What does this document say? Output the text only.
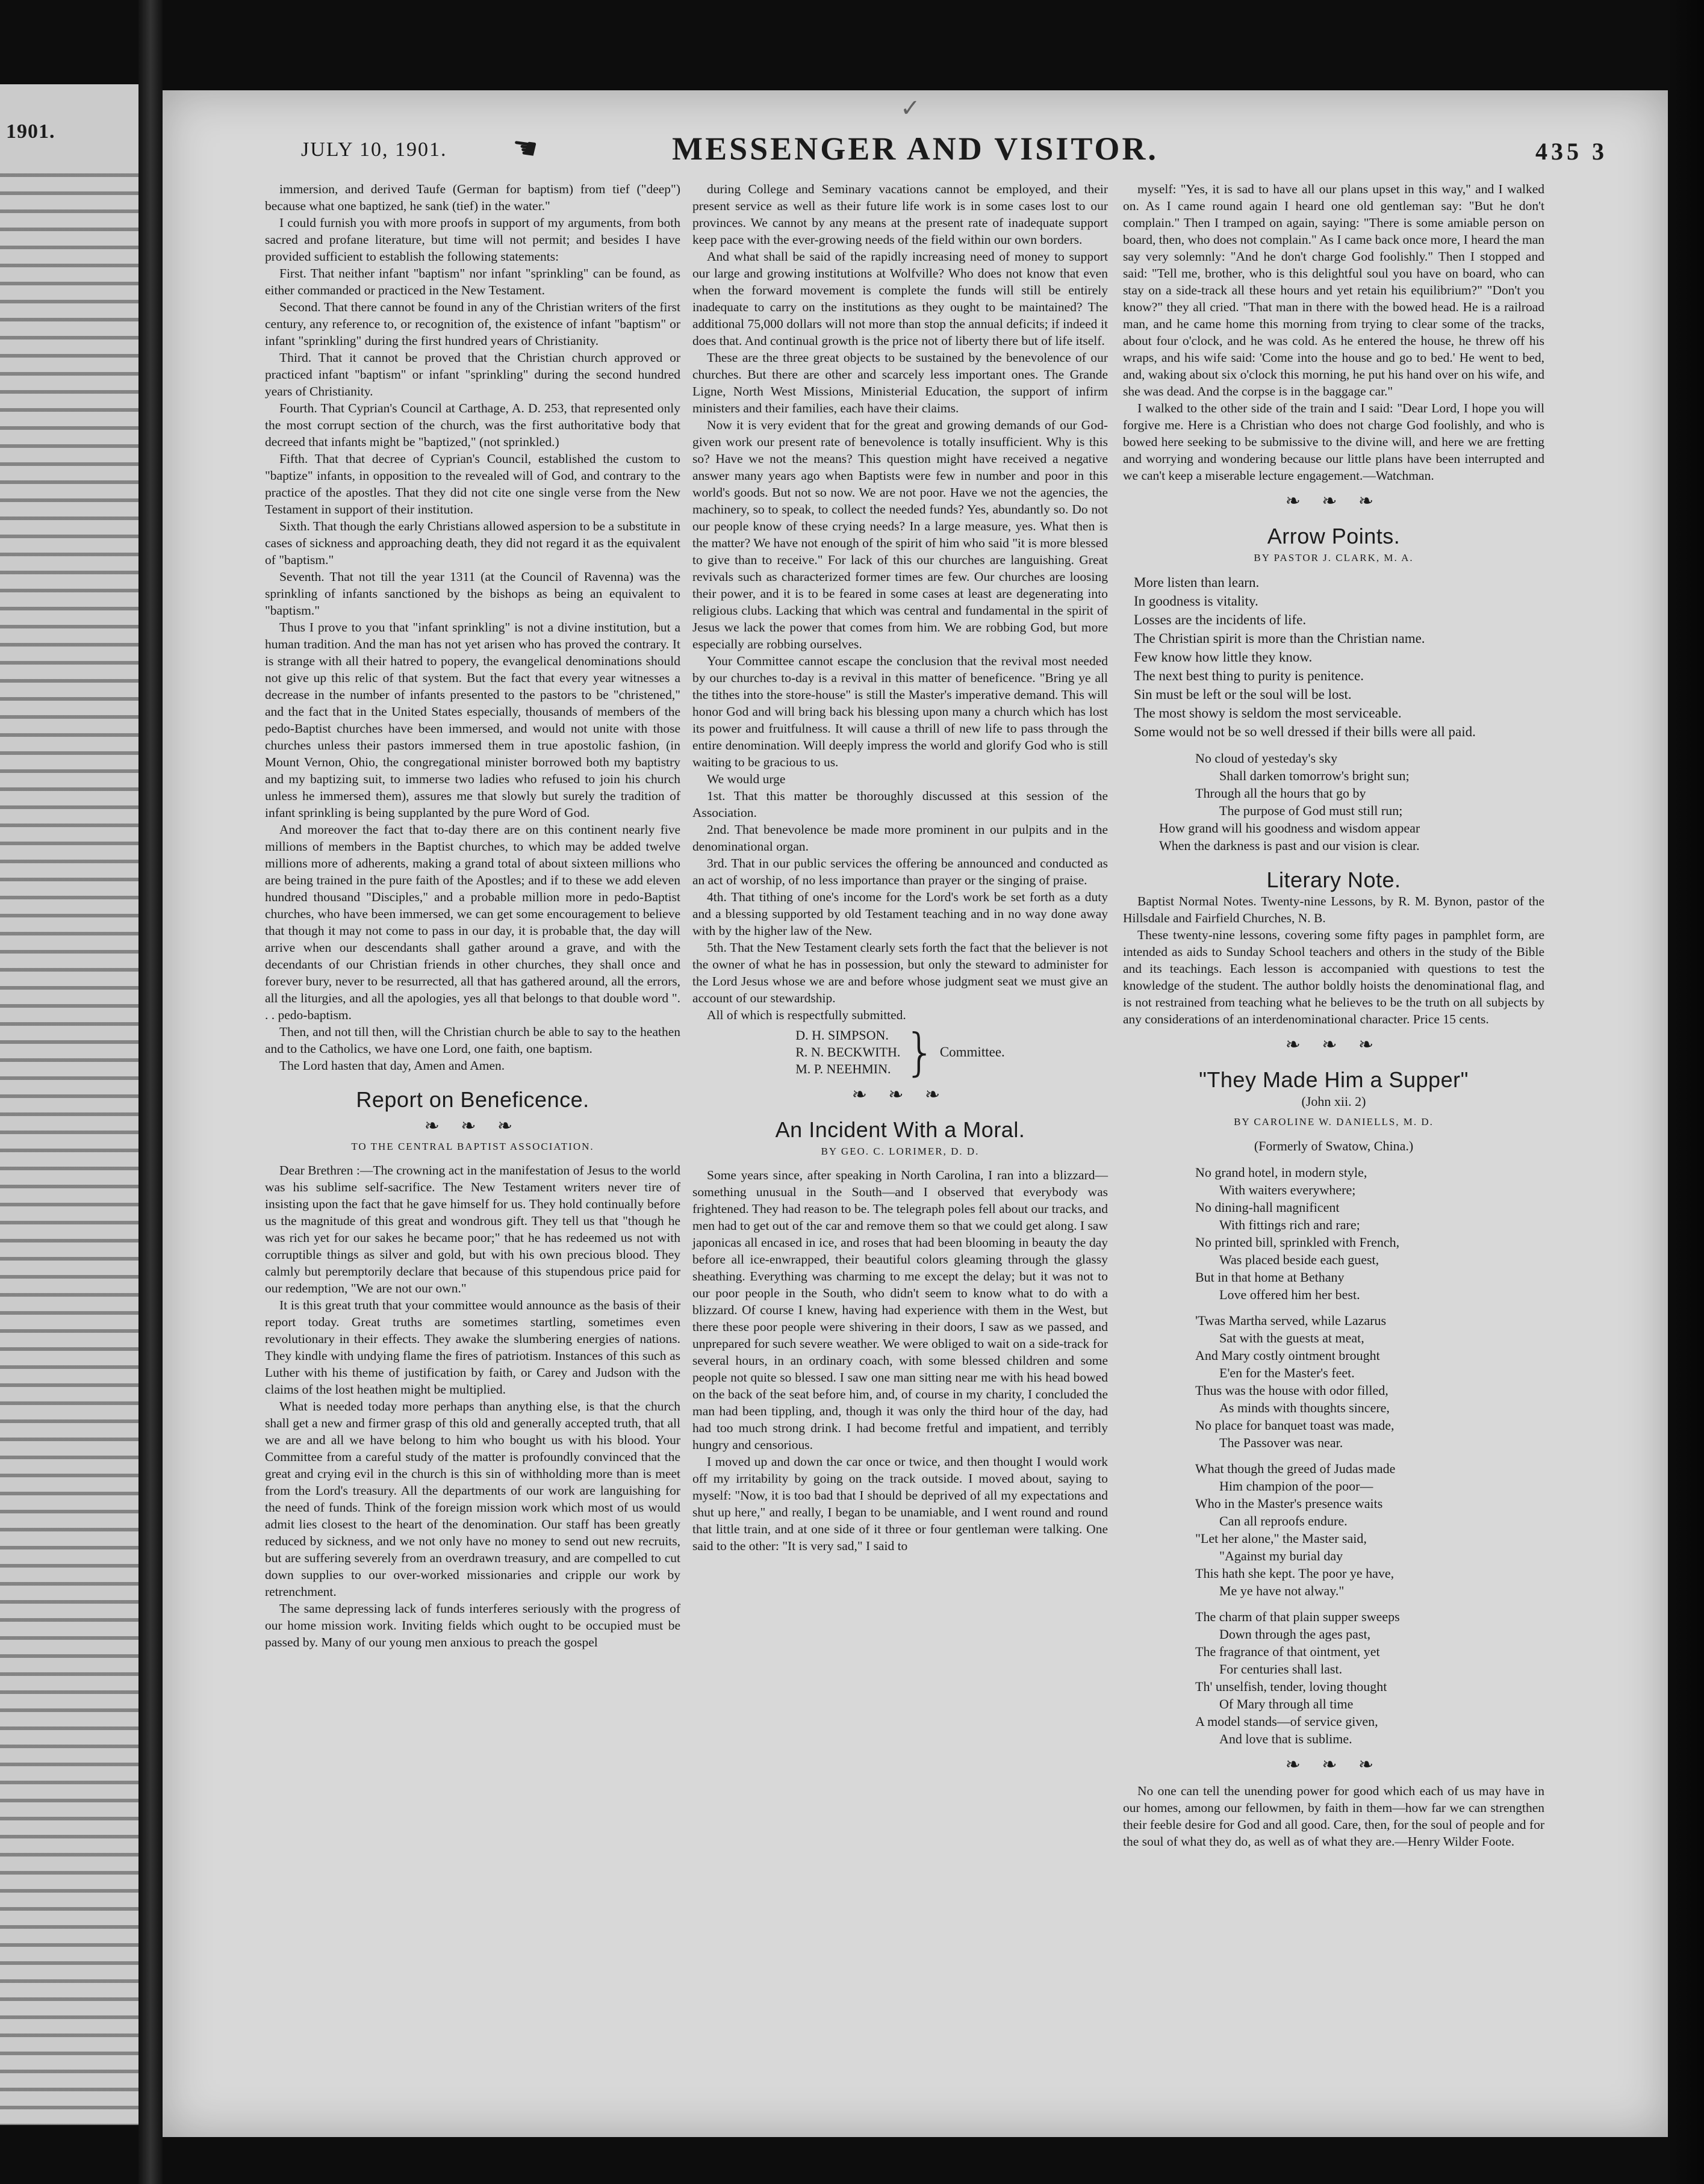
1901.
✓
JULY 10, 1901. ☚	MESSENGER AND VISITOR.	435 3

immersion, and derived Taufe (German for baptism) from tief ("deep") because what one baptized, he sank (tief) in the water."

I could furnish you with more proofs in support of my arguments, from both sacred and profane literature, but time will not permit; and besides I have provided sufficient to establish the following statements:

First. That neither infant "baptism" nor infant "sprinkling" can be found, as either commanded or practiced in the New Testament.

Second. That there cannot be found in any of the Christian writers of the first century, any reference to, or recognition of, the existence of infant "baptism" or infant "sprinkling" during the first hundred years of Christianity.

Third. That it cannot be proved that the Christian church approved or practiced infant "baptism" or infant "sprinkling" during the second hundred years of Christianity.

Fourth. That Cyprian's Council at Carthage, A. D. 253, that represented only the most corrupt section of the church, was the first authoritative body that decreed that infants might be "baptized," (not sprinkled.)

Fifth. That that decree of Cyprian's Council, established the custom to "baptize" infants, in opposition to the revealed will of God, and contrary to the practice of the apostles. That they did not cite one single verse from the New Testament in support of their institution.

Sixth. That though the early Christians allowed aspersion to be a substitute in cases of sickness and approaching death, they did not regard it as the equivalent of "baptism."

Seventh. That not till the year 1311 (at the Council of Ravenna) was the sprinkling of infants sanctioned by the bishops as being an equivalent to "baptism."

Thus I prove to you that "infant sprinkling" is not a divine institution, but a human tradition. And the man has not yet arisen who has proved the contrary. It is strange with all their hatred to popery, the evangelical denominations should not give up this relic of that system. But the fact that every year witnesses a decrease in the number of infants presented to the pastors to be "christened," and the fact that in the United States especially, thousands of members of the pedo-Baptist churches have been immersed, and would not unite with those churches unless their pastors immersed them in true apostolic fashion, (in Mount Vernon, Ohio, the congregational minister borrowed both my baptistry and my baptizing suit, to immerse two ladies who refused to join his church unless he immersed them), assures me that slowly but surely the tradition of infant sprinkling is being supplanted by the pure Word of God.

And moreover the fact that to-day there are on this continent nearly five millions of members in the Baptist churches, to which may be added twelve millions more of adherents, making a grand total of about sixteen millions who are being trained in the pure faith of the Apostles; and if to these we add eleven hundred thousand "Disciples," and a probable million more in pedo-Baptist churches, who have been immersed, we can get some encouragement to believe that though it may not come to pass in our day, it is probable that, the day will arrive when our descendants shall gather around a grave, and with the decendants of our Christian friends in other churches, they shall once and forever bury, never to be resurrected, all that has gathered around, all the errors, all the liturgies, and all the apologies, yes all that belongs to that double word ". . . pedo-baptism.

Then, and not till then, will the Christian church be able to say to the heathen and to the Catholics, we have one Lord, one faith, one baptism.

The Lord hasten that day, Amen and Amen.

Report on Beneficence.
❧ ❧ ❧
TO THE CENTRAL BAPTIST ASSOCIATION.

Dear Brethren :—The crowning act in the manifestation of Jesus to the world was his sublime self-sacrifice. The New Testament writers never tire of insisting upon the fact that he gave himself for us. They hold continually before us the magnitude of this great and wondrous gift. They tell us that "though he was rich yet for our sakes he became poor;" that he has redeemed us not with corruptible things as silver and gold, but with his own precious blood. They calmly but peremptorily declare that because of this stupendous price paid for our redemption, "We are not our own."

It is this great truth that your committee would announce as the basis of their report today. Great truths are sometimes startling, sometimes even revolutionary in their effects. They awake the slumbering energies of nations. They kindle with undying flame the fires of patriotism. Instances of this such as Luther with his theme of justification by faith, or Carey and Judson with the claims of the lost heathen might be multiplied.

What is needed today more perhaps than anything else, is that the church shall get a new and firmer grasp of this old and generally accepted truth, that all we are and all we have belong to him who bought us with his blood. Your Committee from a careful study of the matter is profoundly convinced that the great and crying evil in the church is this sin of withholding more than is meet from the Lord's treasury. All the departments of our work are languishing for the need of funds. Think of the foreign mission work which most of us would admit lies closest to the heart of the denomination. Our staff has been greatly reduced by sickness, and we not only have no money to send out new recruits, but are suffering severely from an overdrawn treasury, and are compelled to cut down supplies to our over-worked missionaries and cripple our work by retrenchment.

The same depressing lack of funds interferes seriously with the progress of our home mission work. Inviting fields which ought to be occupied must be passed by. Many of our young men anxious to preach the gospel

during College and Seminary vacations cannot be employed, and their present service as well as their future life work is in some cases lost to our provinces. We cannot by any means at the present rate of inadequate support keep pace with the ever-growing needs of the field within our own borders.

And what shall be said of the rapidly increasing need of money to support our large and growing institutions at Wolfville? Who does not know that even when the forward movement is complete the funds will still be entirely inadequate to carry on the institutions as they ought to be maintained? The additional 75,000 dollars will not more than stop the annual deficits; if indeed it does that. And continual growth is the price not of liberty there but of life itself.

These are the three great objects to be sustained by the benevolence of our churches. But there are other and scarcely less important ones. The Grande Ligne, North West Missions, Ministerial Education, the support of infirm ministers and their families, each have their claims.

Now it is very evident that for the great and growing demands of our God-given work our present rate of benevolence is totally insufficient. Why is this so? Have we not the means? This question might have received a negative answer many years ago when Baptists were few in number and poor in this world's goods. But not so now. We are not poor. Have we not the agencies, the machinery, so to speak, to collect the needed funds? Yes, abundantly so. Do not our people know of these crying needs? In a large measure, yes. What then is the matter? We have not enough of the spirit of him who said "it is more blessed to give than to receive." For lack of this our churches are languishing. Great revivals such as characterized former times are few. Our churches are loosing their power, and it is to be feared in some cases at least are degenerating into religious clubs. Lacking that which was central and fundamental in the spirit of Jesus we lack the power that comes from him. We are robbing God, but more especially are robbing ourselves.

Your Committee cannot escape the conclusion that the revival most needed by our churches to-day is a revival in this matter of beneficence. "Bring ye all the tithes into the store-house" is still the Master's imperative demand. This will honor God and will bring back his blessing upon many a church which has lost its power and fruitfulness. It will cause a thrill of new life to pass through the entire denomination. Will deeply impress the world and glorify God who is still waiting to be gracious to us.

We would urge

1st. That this matter be thoroughly discussed at this session of the Association.

2nd. That benevolence be made more prominent in our pulpits and in the denominational organ.

3rd. That in our public services the offering be announced and conducted as an act of worship, of no less importance than prayer or the singing of praise.

4th. That tithing of one's income for the Lord's work be set forth as a duty and a blessing supported by old Testament teaching and in no way done away with by the higher law of the New.

5th. That the New Testament clearly sets forth the fact that the believer is not the owner of what he has in possession, but only the steward to administer for the Lord Jesus whose we are and before whose judgment seat we must give an account of our stewardship.

All of which is respectfully submitted.

D. H. SIMPSON.
R. N. BECKWITH.
M. P. NEEHMIN. } Committee.
❧ ❧ ❧
An Incident With a Moral.
BY GEO. C. LORIMER, D. D.

Some years since, after speaking in North Carolina, I ran into a blizzard—something unusual in the South—and I observed that everybody was frightened. They had reason to be. The telegraph poles fell about our tracks, and men had to get out of the car and remove them so that we could get along. I saw japonicas all encased in ice, and roses that had been blooming in beauty the day before all ice-enwrapped, their beautiful colors gleaming through the glassy sheathing. Everything was charming to me except the delay; but it was not to our poor people in the South, who didn't seem to know what to do with a blizzard. Of course I knew, having had experience with them in the West, but there these poor people were shivering in their doors, I saw as we passed, and unprepared for such severe weather. We were obliged to wait on a side-track for several hours, in an ordinary coach, with some blessed children and some people not quite so blessed. I saw one man sitting near me with his head bowed on the back of the seat before him, and, of course in my charity, I concluded the man had been tippling, and, though it was only the third hour of the day, had had too much strong drink. I had become fretful and impatient, and terribly hungry and censorious.

I moved up and down the car once or twice, and then thought I would work off my irritability by going on the track outside. I moved about, saying to myself: "Now, it is too bad that I should be deprived of all my expectations and shut up here," and really, I began to be unamiable, and I went round and round that little train, and at one side of it three or four gentleman were talking. One said to the other: "It is very sad," I said to

myself: "Yes, it is sad to have all our plans upset in this way," and I walked on. As I came round again I heard one old gentleman say: "But he don't complain." Then I tramped on again, saying: "There is some amiable person on board, then, who does not complain." As I came back once more, I heard the man say very solemnly: "And he don't charge God foolishly." Then I stopped and said: "Tell me, brother, who is this delightful soul you have on board, who can stay on a side-track all these hours and yet retain his equilibrium?" "Don't you know?" they all cried. "That man in there with the bowed head. He is a railroad man, and he came home this morning from trying to clear some of the tracks, about four o'clock, and he was cold. As he entered the house, he threw off his wraps, and his wife said: 'Come into the house and go to bed.' He went to bed, and, waking about six o'clock this morning, he put his hand over on his wife, and she was dead. And the corpse is in the baggage car."

I walked to the other side of the train and I said: "Dear Lord, I hope you will forgive me. Here is a Christian who does not charge God foolishly, and who is bowed here seeking to be submissive to the divine will, and here we are fretting and worrying and wondering because our little plans have been interrupted and we can't keep a miserable lecture engagement.—Watchman.

❧ ❧ ❧
Arrow Points.
BY PASTOR J. CLARK, M. A.
More listen than learn.
In goodness is vitality.
Losses are the incidents of life.
The Christian spirit is more than the Christian name.
Few know how little they know.
The next best thing to purity is penitence.
Sin must be left or the soul will be lost.
The most showy is seldom the most serviceable.
Some would not be so well dressed if their bills were all paid.
No cloud of yesteday's sky
Shall darken tomorrow's bright sun;
Through all the hours that go by
The purpose of God must still run;
How grand will his goodness and wisdom appear
When the darkness is past and our vision is clear.
Literary Note.

Baptist Normal Notes. Twenty-nine Lessons, by R. M. Bynon, pastor of the Hillsdale and Fairfield Churches, N. B.

These twenty-nine lessons, covering some fifty pages in pamphlet form, are intended as aids to Sunday School teachers and others in the study of the Bible and its teachings. Each lesson is accompanied with questions to test the knowledge of the student. The author boldly hoists the denominational flag, and is not restrained from teaching what he believes to be the truth on all subjects by any considerations of an interdenominational character. Price 15 cents.

❧ ❧ ❧
"They Made Him a Supper"
(John xii. 2)
BY CAROLINE W. DANIELLS, M. D.
(Formerly of Swatow, China.)
No grand hotel, in modern style,
With waiters everywhere;
No dining-hall magnificent
With fittings rich and rare;
No printed bill, sprinkled with French,
Was placed beside each guest,
But in that home at Bethany
Love offered him her best.
'Twas Martha served, while Lazarus
Sat with the guests at meat,
And Mary costly ointment brought
E'en for the Master's feet.
Thus was the house with odor filled,
As minds with thoughts sincere,
No place for banquet toast was made,
The Passover was near.
What though the greed of Judas made
Him champion of the poor—
Who in the Master's presence waits
Can all reproofs endure.
"Let her alone," the Master said,
"Against my burial day
This hath she kept. The poor ye have,
Me ye have not alway."
The charm of that plain supper sweeps
Down through the ages past,
The fragrance of that ointment, yet
For centuries shall last.
Th' unselfish, tender, loving thought
Of Mary through all time
A model stands—of service given,
And love that is sublime.
❧ ❧ ❧

No one can tell the unending power for good which each of us may have in our homes, among our fellowmen, by faith in them—how far we can strengthen their feeble desire for God and all good. Care, then, for the soul of people and for the soul of what they do, as well as of what they are.—Henry Wilder Foote.
